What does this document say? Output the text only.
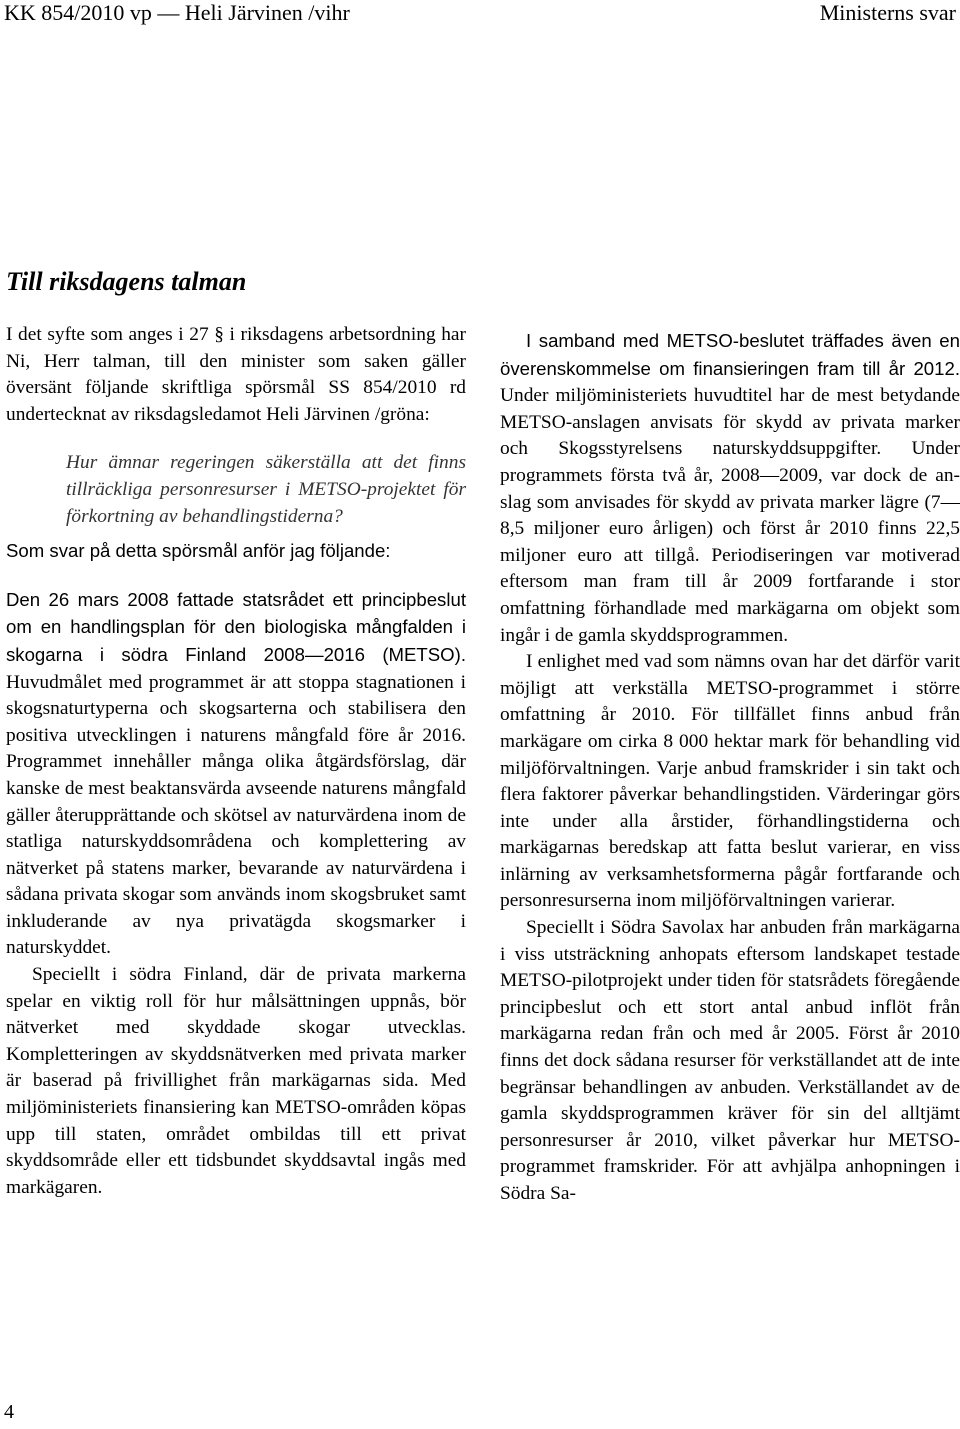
KK 854/2010 vp — Heli Järvinen /vihr	Ministerns svar
Till riksdagens talman

I det syfte som anges i 27 § i riksdagens arbetsordning har Ni, Herr talman, till den minister som saken gäller översänt följande skriftliga spörsmål SS 854/2010 rd undertecknat av riksdagsledamot Heli Järvinen /gröna:

Hur ämnar regeringen säkerställa att det finns tillräckliga personresurser i METSO-projektet för förkortning av behandlingstiderna?

Som svar på detta spörsmål anför jag följande:

Den 26 mars 2008 fattade statsrådet ett principbeslut om en handlingsplan för den biologiska mångfalden i skogarna i södra Finland 2008—2016 (METSO). Huvudmålet med programmet är att stoppa stagnationen i skogsnaturtyperna och skogsarterna och stabilisera den positiva utvecklingen i naturens mångfald före år 2016. Programmet innehåller många olika åtgärdsförslag, där kanske de mest beaktansvärda avseende naturens mångfald gäller återupprättande och skötsel av naturvärdena inom de statliga naturskyddsområdena och komplettering av nätverket på statens marker, bevarande av naturvärdena i sådana privata skogar som används inom skogsbruket samt inkluderande av nya privatägda skogsmarker i naturskyddet.

Speciellt i södra Finland, där de privata markerna spelar en viktig roll för hur målsättningen uppnås, bör nätverket med skyddade skogar utvecklas. Kompletteringen av skyddsnätverken med privata marker är baserad på frivillighet från markägarnas sida. Med miljöministeriets finansiering kan METSO-områden köpas upp till staten, området ombildas till ett privat skyddsområde eller ett tidsbundet skyddsavtal ingås med markägaren.

I samband med METSO-beslutet träffades även en överenskommelse om finansieringen fram till år 2012. Under miljöministeriets huvudtitel har de mest betydande METSO-anslagen anvisats för skydd av privata marker och Skogsstyrelsens naturskyddsuppgifter. Under programmets första två år, 2008—2009, var dock de anslag som anvisades för skydd av privata marker lägre (7—8,5 miljoner euro årligen) och först år 2010 finns 22,5 miljoner euro att tillgå. Periodiseringen var motiverad eftersom man fram till år 2009 fortfarande i stor omfattning förhandlade med markägarna om objekt som ingår i de gamla skyddsprogrammen.

I enlighet med vad som nämns ovan har det därför varit möjligt att verkställa METSO-programmet i större omfattning år 2010. För tillfället finns anbud från markägare om cirka 8 000 hektar mark för behandling vid miljöförvaltningen. Varje anbud framskrider i sin takt och flera faktorer påverkar behandlingstiden. Värderingar görs inte under alla årstider, förhandlingstiderna och markägarnas beredskap att fatta beslut varierar, en viss inlärning av verksamhetsformerna pågår fortfarande och personresurserna inom miljöförvaltningen varierar.

Speciellt i Södra Savolax har anbuden från markägarna i viss utsträckning anhopats eftersom landskapet testade METSO-pilotprojekt under tiden för statsrådets föregående principbeslut och ett stort antal anbud inflöt från markägarna redan från och med år 2005. Först år 2010 finns det dock sådana resurser för verkställandet att de inte begränsar behandlingen av anbuden. Verkställandet av de gamla skyddsprogrammen kräver för sin del alltjämt personresurser år 2010, vilket påverkar hur METSO-programmet framskrider. För att avhjälpa anhopningen i Södra Sa-

4
